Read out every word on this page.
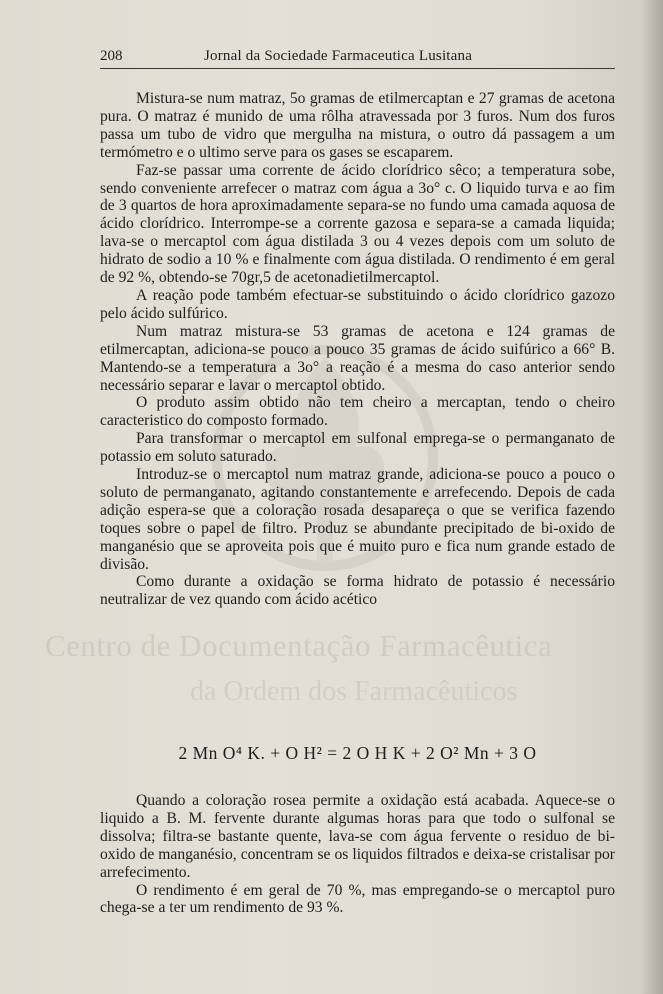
Centro de Documentação Farmacêutica
da Ordem dos Farmacêuticos
208	Jornal da Sociedade Farmaceutica Lusitana

Mistura-se num matraz, 5o gramas de etilmercaptan e 27 gramas de acetona pura. O matraz é munido de uma rôlha atravessada por 3 furos. Num dos furos passa um tubo de vidro que mergulha na mistura, o outro dá passagem a um termómetro e o ultimo serve para os gases se escaparem.

Faz-se passar uma corrente de ácido clorídrico sêco; a temperatura sobe, sendo conveniente arrefecer o matraz com água a 3o° c. O liquido turva e ao fim de 3 quartos de hora aproximadamente separa-se no fundo uma camada aquosa de ácido clorídrico. Interrompe-se a corrente gazosa e separa-se a camada liquida; lava-se o mercaptol com água distilada 3 ou 4 vezes depois com um soluto de hidrato de sodio a 10 % e finalmente com água distilada. O rendimento é em geral de 92 %, obtendo-se 70gr,5 de acetonadietilmercaptol.

A reação pode também efectuar-se substituindo o ácido clorídrico gazozo pelo ácido sulfúrico.

Num matraz mistura-se 53 gramas de acetona e 124 gramas de etilmercaptan, adiciona-se pouco a pouco 35 gramas de ácido suifúrico a 66° B. Mantendo-se a temperatura a 3o° a reação é a mesma do caso anterior sendo necessário separar e lavar o mercaptol obtido.

O produto assim obtido não tem cheiro a mercaptan, tendo o cheiro caracteristico do composto formado.

Para transformar o mercaptol em sulfonal emprega-se o permanganato de potassio em soluto saturado.

Introduz-se o mercaptol num matraz grande, adiciona-se pouco a pouco o soluto de permanganato, agitando constantemente e arrefecendo. Depois de cada adição espera-se que a coloração rosada desapareça o que se verifica fazendo toques sobre o papel de filtro. Produz se abundante precipitado de bi-oxido de manganésio que se aproveita pois que é muito puro e fica num grande estado de divisão.

Como durante a oxidação se forma hidrato de potassio é necessário neutralizar de vez quando com ácido acético

2 Mn O⁴ K. + O H² = 2 O H K + 2 O² Mn + 3 O

Quando a coloração rosea permite a oxidação está acabada. Aquece-se o liquido a B. M. fervente durante algumas horas para que todo o sulfonal se dissolva; filtra-se bastante quente, lava-se com água fervente o residuo de bi-oxido de manganésio, concentram se os liquidos filtrados e deixa-se cristalisar por arrefecimento.

O rendimento é em geral de 70 %, mas empregando-se o mercaptol puro chega-se a ter um rendimento de 93 %.
